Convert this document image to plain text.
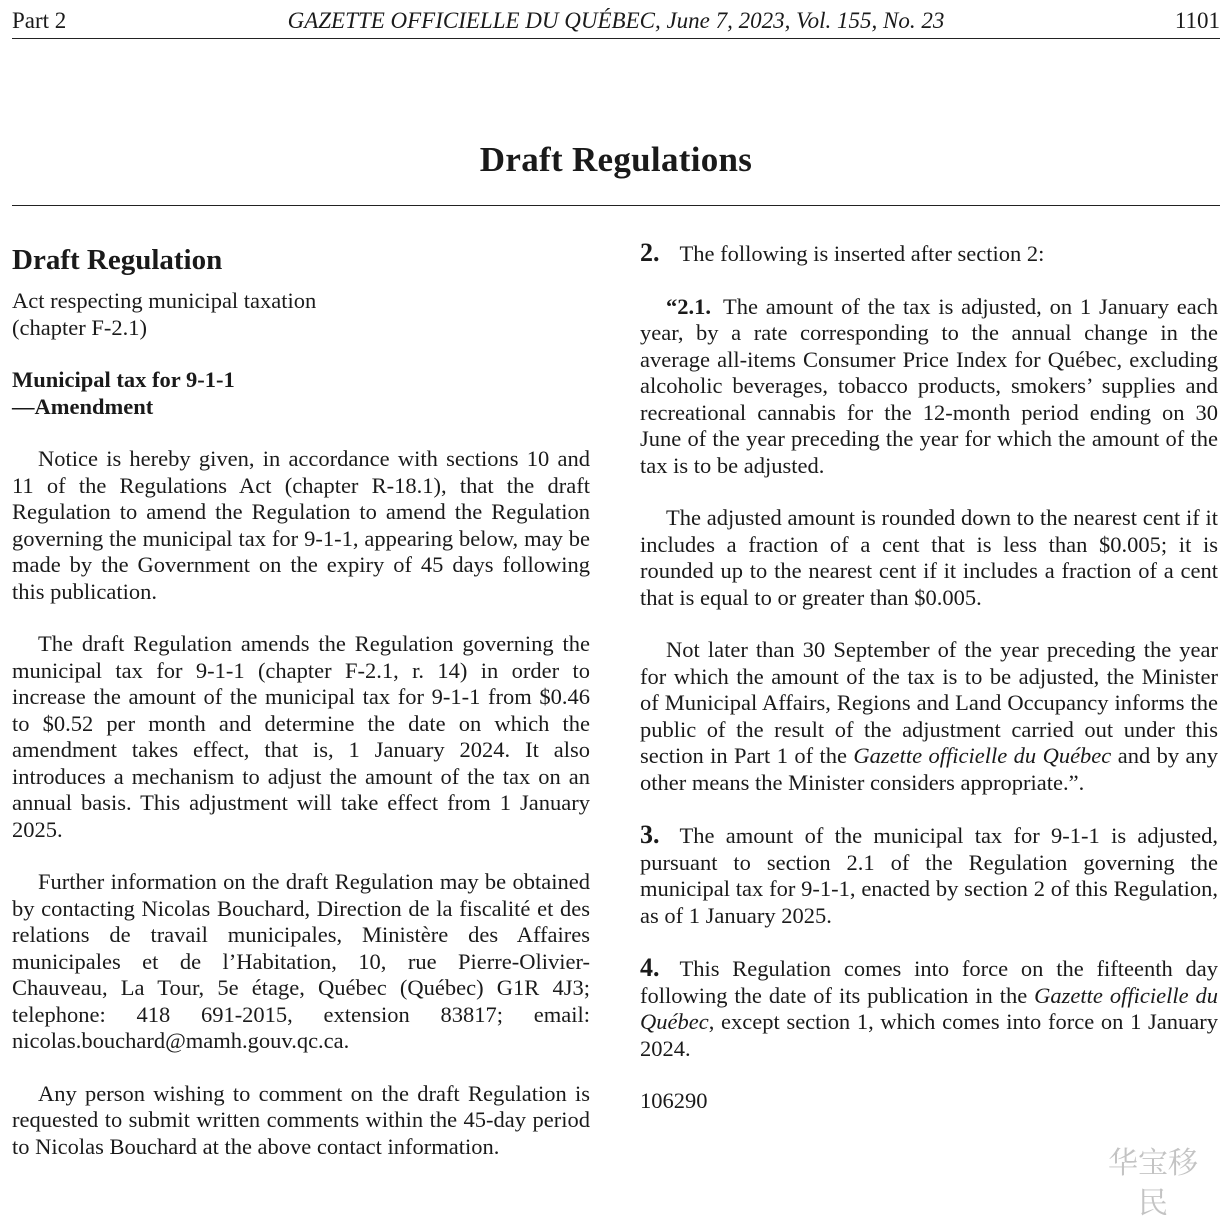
Part 2	GAZETTE OFFICIELLE DU QUÉBEC, June 7, 2023, Vol. 155, No. 23	1101
Draft Regulations
Draft Regulation

Act respecting municipal taxation
(chapter F-2.1)

Municipal tax for 9-1-1
—Amendment

Notice is hereby given, in accordance with sections 10 and 11 of the Regulations Act (chapter R-18.1), that the draft Regulation to amend the Regulation to amend the Regulation governing the municipal tax for 9-1-1, appearing below, may be made by the Government on the expiry of 45 days following this publication.

The draft Regulation amends the Regulation governing the municipal tax for 9-1-1 (chapter F-2.1, r. 14) in order to increase the amount of the municipal tax for 9-1-1 from $0.46 to $0.52 per month and determine the date on which the amendment takes effect, that is, 1 January 2024. It also introduces a mechanism to adjust the amount of the tax on an annual basis. This adjustment will take effect from 1 January 2025.

Further information on the draft Regulation may be obtained by contacting Nicolas Bouchard, Direction de la fiscalité et des relations de travail municipales, Ministère des Affaires municipales et de l’Habitation, 10, rue Pierre-Olivier-Chauveau, La Tour, 5e étage, Québec (Québec) G1R 4J3; telephone: 418 691-2015, extension 83817; email: nicolas.bouchard@mamh.gouv.qc.ca.

Any person wishing to comment on the draft Regulation is requested to submit written comments within the 45-day period to Nicolas Bouchard at the above contact information.

2. The following is inserted after section 2:

“2.1. The amount of the tax is adjusted, on 1 January each year, by a rate corresponding to the annual change in the average all-items Consumer Price Index for Québec, excluding alcoholic beverages, tobacco products, smokers’ supplies and recreational cannabis for the 12-month period ending on 30 June of the year preceding the year for which the amount of the tax is to be adjusted.

The adjusted amount is rounded down to the nearest cent if it includes a fraction of a cent that is less than $0.005; it is rounded up to the nearest cent if it includes a fraction of a cent that is equal to or greater than $0.005.

Not later than 30 September of the year preceding the year for which the amount of the tax is to be adjusted, the Minister of Municipal Affairs, Regions and Land Occupancy informs the public of the result of the adjustment carried out under this section in Part 1 of the Gazette officielle du Québec and by any other means the Minister considers appropriate.”.

3. The amount of the municipal tax for 9-1-1 is adjusted, pursuant to section 2.1 of the Regulation governing the municipal tax for 9-1-1, enacted by section 2 of this Regulation, as of 1 January 2025.

4. This Regulation comes into force on the fifteenth day following the date of its publication in the Gazette officielle du Québec, except section 1, which comes into force on 1 January 2024.

106290

华宝移民
